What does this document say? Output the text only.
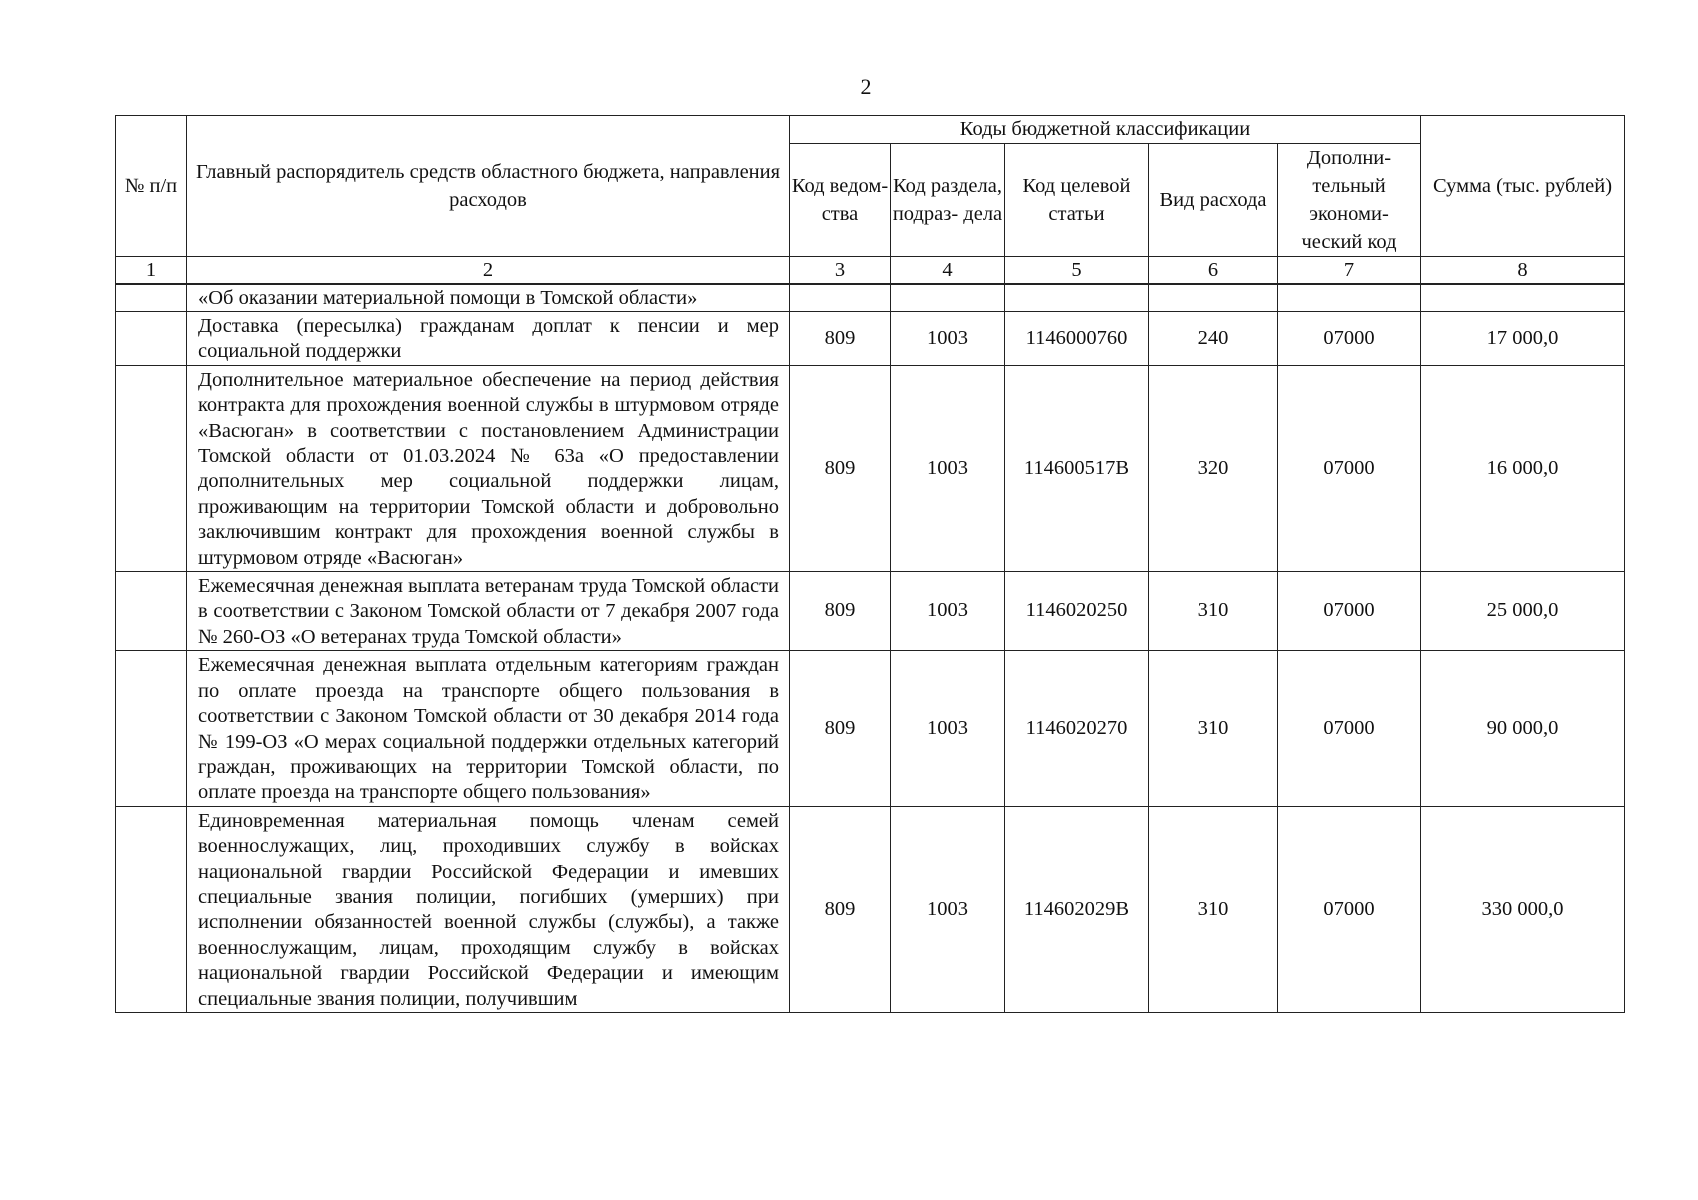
2
№ п/п	Главный распорядитель средств областного бюджета, направления расходов	Коды бюджетной классификации					Сумма (тыс. рублей)
		Код ведом- ства	Код раздела, подраз- дела	Код целевой статьи	Вид расхода	Дополни- тельный экономи- ческий код	
1	2	3	4	5	6	7	8
	«Об оказании материальной помощи в Томской области»						
	Доставка (пересылка) гражданам доплат к пенсии и мер социальной поддержки	809	1003	1146000760	240	07000	17 000,0
	Дополнительное материальное обеспечение на период действия контракта для прохождения военной службы в штурмовом отряде «Васюган» в соответствии с постановлением Администрации Томской области от 01.03.2024 № 63а «О предоставлении дополнительных мер социальной поддержки лицам, проживающим на территории Томской области и добровольно заключившим контракт для прохождения военной службы в штурмовом отряде «Васюган»	809	1003	114600517В	320	07000	16 000,0
	Ежемесячная денежная выплата ветеранам труда Томской области в соответствии с Законом Томской области от 7 декабря 2007 года № 260-ОЗ «О ветеранах труда Томской области»	809	1003	1146020250	310	07000	25 000,0
	Ежемесячная денежная выплата отдельным категориям граждан по оплате проезда на транспорте общего пользования в соответствии с Законом Томской области от 30 декабря 2014 года № 199-ОЗ «О мерах социальной поддержки отдельных категорий граждан, проживающих на территории Томской области, по оплате проезда на транспорте общего пользования»	809	1003	1146020270	310	07000	90 000,0
	Единовременная материальная помощь членам семей военнослужащих, лиц, проходивших службу в войсках национальной гвардии Российской Федерации и имевших специальные звания полиции, погибших (умерших) при исполнении обязанностей военной службы (службы), а также военнослужащим, лицам, проходящим службу в войсках национальной гвардии Российской Федерации и имеющим специальные звания полиции, получившим	809	1003	114602029В	310	07000	330 000,0
